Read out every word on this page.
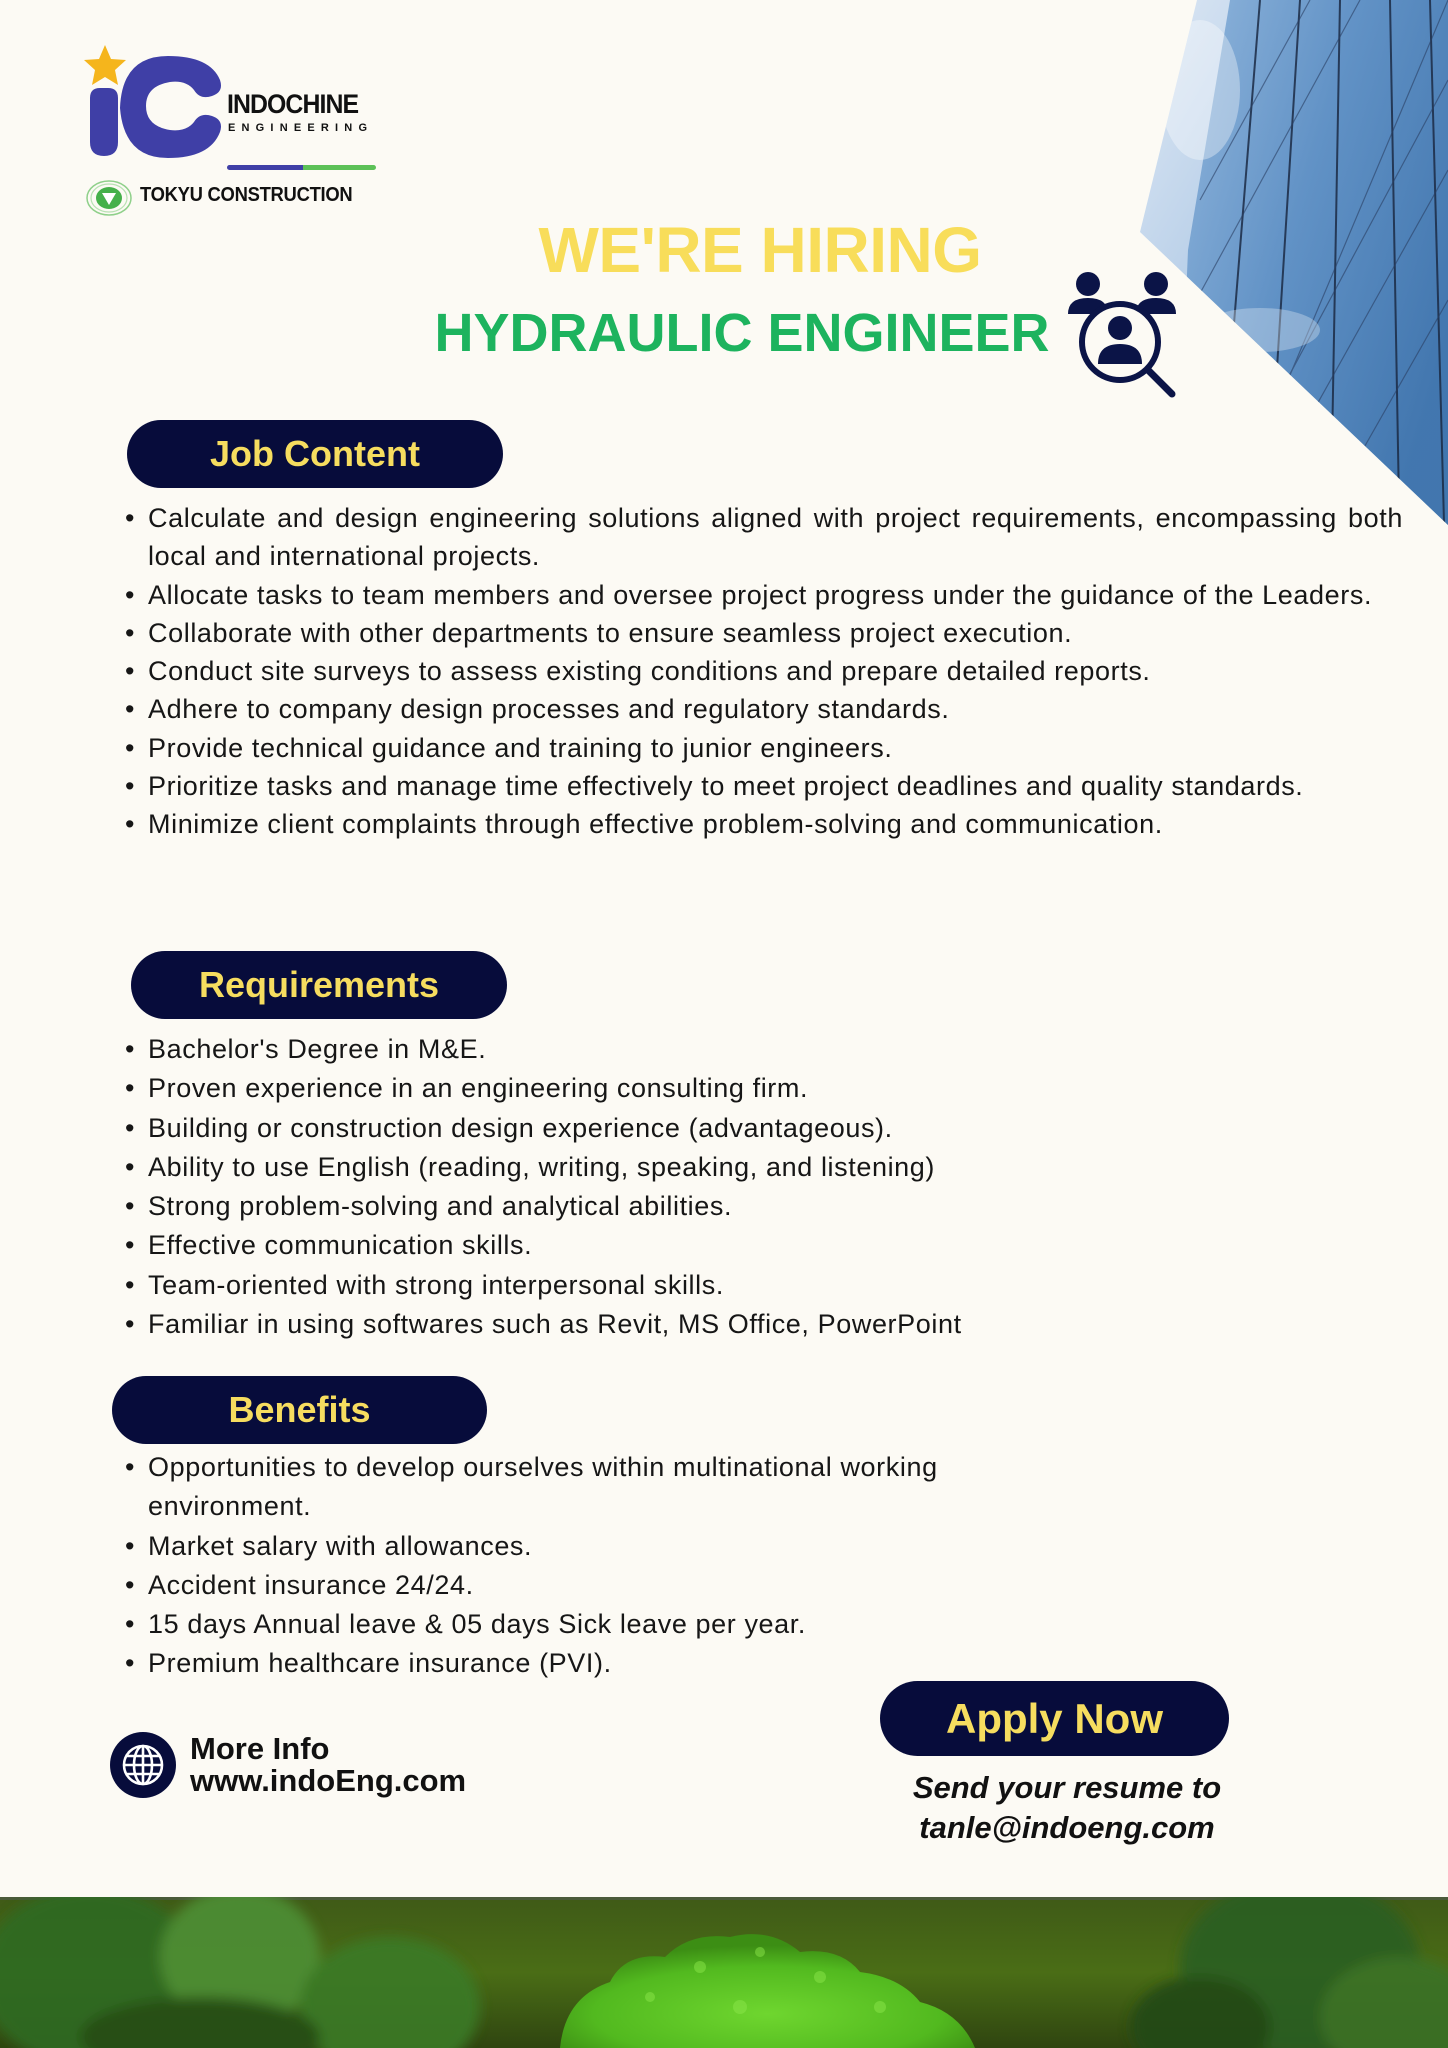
INDOCHINE
ENGINEERING
TOKYU CONSTRUCTION
WE'RE HIRING
HYDRAULIC ENGINEER
Job Content
• Calculate and design engineering solutions aligned with project requirements, encompassing both local and international projects.
• Allocate tasks to team members and oversee project progress under the guidance of the Leaders.
• Collaborate with other departments to ensure seamless project execution.
• Conduct site surveys to assess existing conditions and prepare detailed reports.
• Adhere to company design processes and regulatory standards.
• Provide technical guidance and training to junior engineers.
• Prioritize tasks and manage time effectively to meet project deadlines and quality standards.
• Minimize client complaints through effective problem-solving and communication.
Requirements
• Bachelor's Degree in M&E.
• Proven experience in an engineering consulting firm.
• Building or construction design experience (advantageous).
• Ability to use English (reading, writing, speaking, and listening)
• Strong problem-solving and analytical abilities.
• Effective communication skills.
• Team-oriented with strong interpersonal skills.
• Familiar in using softwares such as Revit, MS Office, PowerPoint
Benefits
• Opportunities to develop ourselves within multinational working environment.
• Market salary with allowances.
• Accident insurance 24/24.
• 15 days Annual leave & 05 days Sick leave per year.
• Premium healthcare insurance (PVI).
More Info
www.indoEng.com
Apply Now
Send your resume to
tanle@indoeng.com
